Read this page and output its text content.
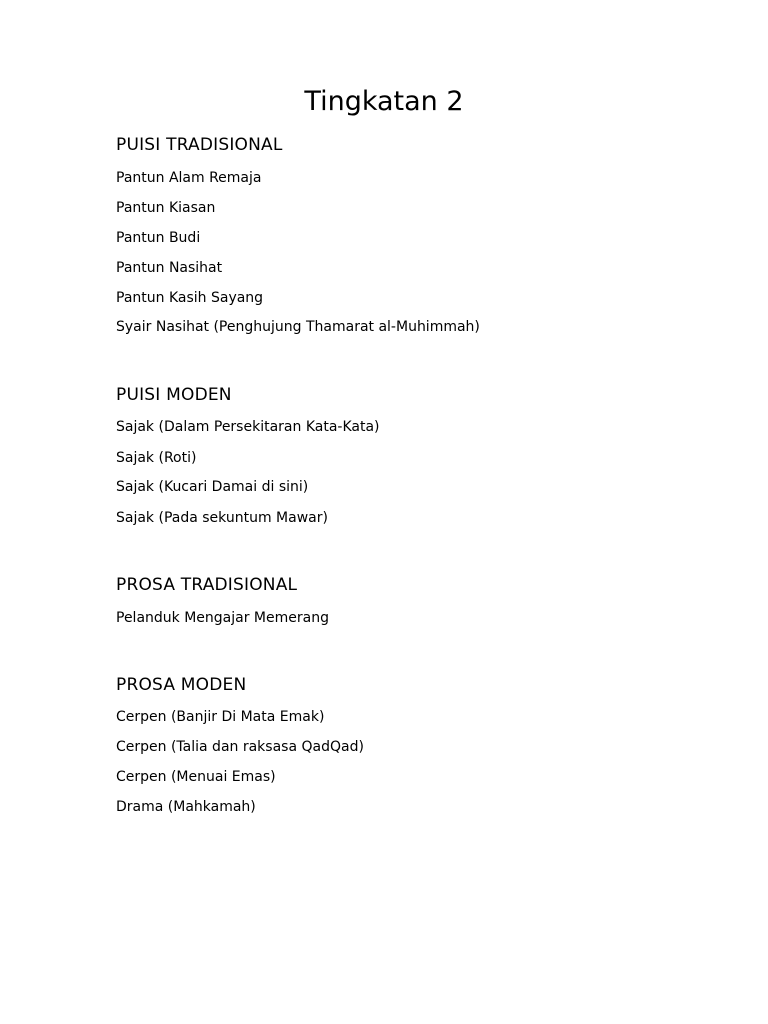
Tingkatan 2
PUISI TRADISIONAL

Pantun Alam Remaja

Pantun Kiasan

Pantun Budi

Pantun Nasihat

Pantun Kasih Sayang

Syair Nasihat (Penghujung Thamarat al-Muhimmah)

PUISI MODEN

Sajak (Dalam Persekitaran Kata-Kata)

Sajak (Roti)

Sajak (Kucari Damai di sini)

Sajak (Pada sekuntum Mawar)

PROSA TRADISIONAL

Pelanduk Mengajar Memerang

PROSA MODEN

Cerpen (Banjir Di Mata Emak)

Cerpen (Talia dan raksasa QadQad)

Cerpen (Menuai Emas)

Drama (Mahkamah)
